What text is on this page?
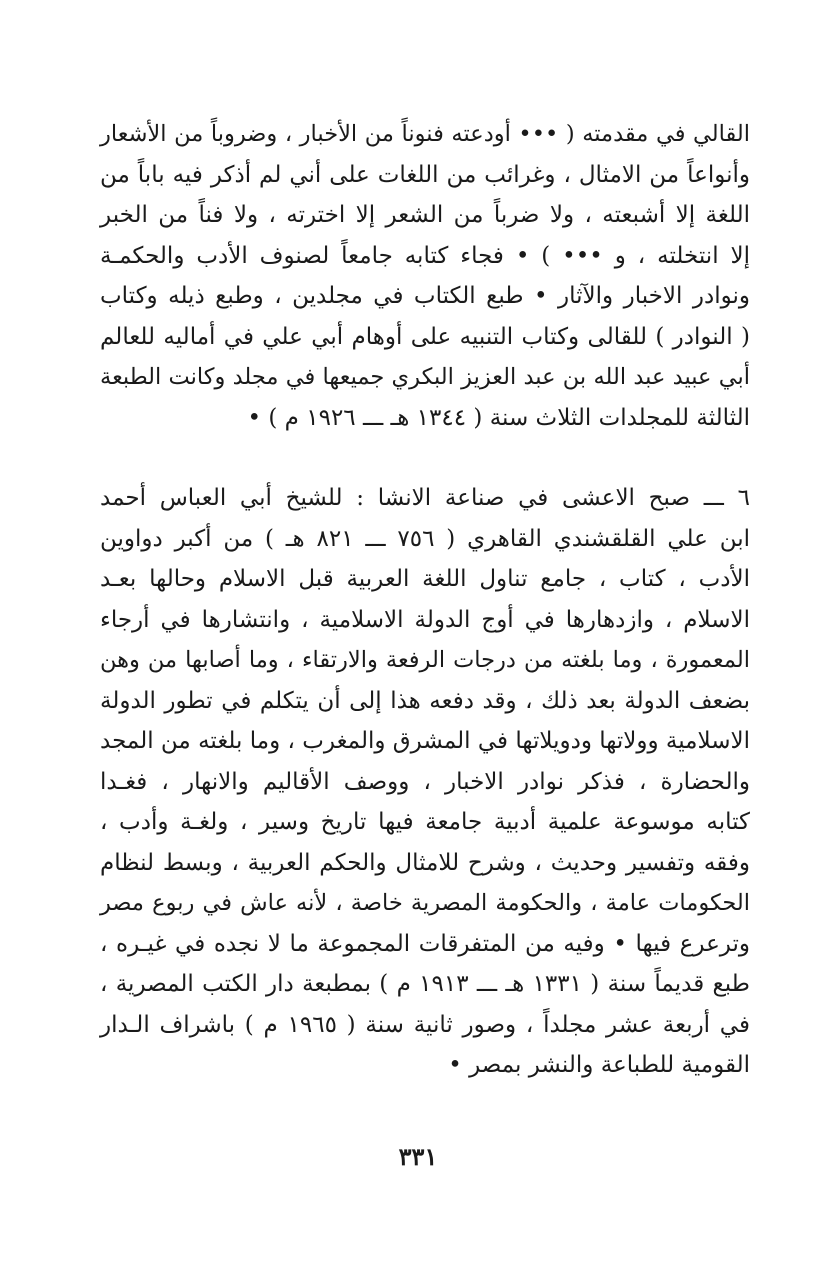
القالي في مقدمته ( ••• أودعته فنوناً من الأخبار ، وضروباً من الأشعار
وأنواعاً من الامثال ، وغرائب من اللغات على أني لم أذكر فيه باباً من
اللغة إلا أشبعته ، ولا ضرباً من الشعر إلا اخترته ، ولا فناً من الخبر
إلا انتخلته ، و ••• ) • فجاء كتابه جامعاً لصنوف الأدب والحكمـة
ونوادر الاخبار والآثار • طبع الكتاب في مجلدين ، وطبع ذيله وكتاب
( النوادر ) للقالى وكتاب التنبيه على أوهام أبي علي في أماليه للعالم
أبي عبيد عبد الله بن عبد العزيز البكري جميعها في مجلد وكانت الطبعة
الثالثة للمجلدات الثلاث سنة ( ١٣٤٤ هـ ـــ ١٩٢٦ م ) •
٦ ـــ صبح الاعشى في صناعة الانشا : للشيخ أبي العباس أحمد
ابن علي القلقشندي القاهري ( ٧٥٦ ـــ ٨٢١ هـ ) من أكبر دواوين
الأدب ، كتاب ، جامع تناول اللغة العربية قبل الاسلام وحالها بعـد
الاسلام ، وازدهارها في أوج الدولة الاسلامية ، وانتشارها في أرجاء
المعمورة ، وما بلغته من درجات الرفعة والارتقاء ، وما أصابها من وهن
بضعف الدولة بعد ذلك ، وقد دفعه هذا إلى أن يتكلم في تطور الدولة
الاسلامية وولاتها ودويلاتها في المشرق والمغرب ، وما بلغته من المجد
والحضارة ، فذكر نوادر الاخبار ، ووصف الأقاليم والانهار ، فغـدا
كتابه موسوعة علمية أدبية جامعة فيها تاريخ وسير ، ولغـة وأدب ،
وفقه وتفسير وحديث ، وشرح للامثال والحكم العربية ، وبسط لنظام
الحكومات عامة ، والحكومة المصرية خاصة ، لأنه عاش في ربوع مصر
وترعرع فيها • وفيه من المتفرقات المجموعة ما لا نجده في غيـره ،
طبع قديماً سنة ( ١٣٣١ هـ ـــ ١٩١٣ م ) بمطبعة دار الكتب المصرية ،
في أربعة عشر مجلداً ، وصور ثانية سنة ( ١٩٦٥ م ) باشراف الـدار
القومية للطباعة والنشر بمصر •
٣٣١
